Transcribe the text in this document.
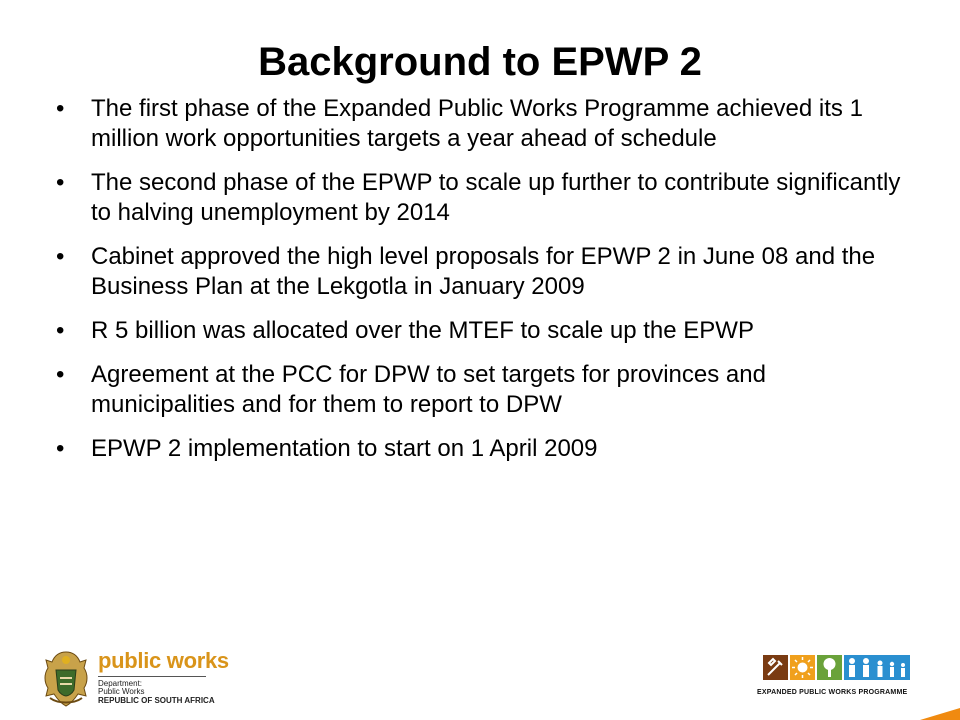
Background to EPWP 2
•	The first phase of the Expanded Public Works Programme achieved its 1 million work opportunities targets a year ahead of schedule
•	The second phase of the EPWP to scale up further to contribute significantly to halving unemployment by 2014
•	Cabinet approved the high level proposals for EPWP 2 in June 08 and the Business Plan at the Lekgotla in January 2009
•	R 5 billion was allocated over the MTEF to scale up the EPWP
•	Agreement at the PCC for DPW to set targets for provinces and municipalities and for them to report to DPW
•	EPWP 2 implementation to start on 1 April 2009
public works
Department:
Public Works
REPUBLIC OF SOUTH AFRICA
EXPANDED PUBLIC WORKS PROGRAMME
